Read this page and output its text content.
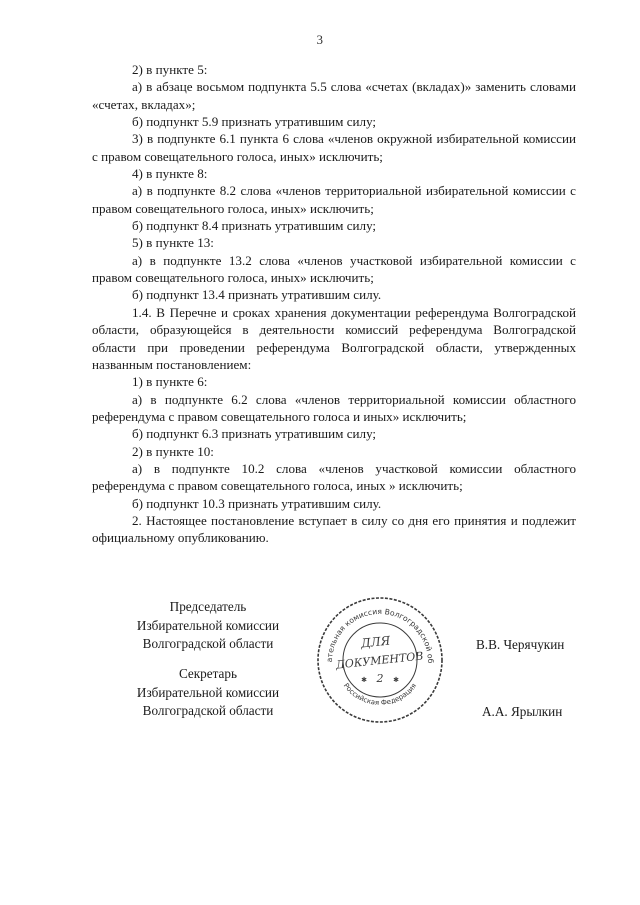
3

2) в пункте 5:

а) в абзаце восьмом подпункта 5.5 слова «счетах (вкладах)» заменить словами «счетах, вкладах»;

б) подпункт 5.9 признать утратившим силу;

3) в подпункте 6.1 пункта 6 слова «членов окружной избирательной комиссии с правом совещательного голоса, иных» исключить;

4) в пункте 8:

а) в подпункте 8.2 слова «членов территориальной избирательной комиссии с правом совещательного голоса, иных» исключить;

б) подпункт 8.4 признать утратившим силу;

5) в пункте 13:

а) в подпункте 13.2 слова «членов участковой избирательной комиссии с правом совещательного голоса, иных» исключить;

б) подпункт 13.4 признать утратившим силу.

1.4. В Перечне и сроках хранения документации референдума Волгоградской области, образующейся в деятельности комиссий референдума Волгоградской области при проведении референдума Волгоградской области, утвержденных названным постановлением:

1) в пункте 6:

а) в подпункте 6.2 слова «членов территориальной комиссии областного референдума с правом совещательного голоса и иных» исключить;

б) подпункт 6.3 признать утратившим силу;

2) в пункте 10:

а) в подпункте 10.2 слова «членов участковой комиссии областного референдума с правом совещательного голоса, иных » исключить;

б) подпункт 10.3 признать утратившим силу.

2. Настоящее постановление вступает в силу со дня его принятия и подлежит официальному опубликованию.

Председатель
Избирательной комиссии
Волгоградской области	В.В. Черячукин
Секретарь
Избирательной комиссии
Волгоградской области	А.А. Ярылкин
ательная комиссия Волгоградской об
Российская Федерация
ДЛЯ
ДОКУМЕНТОВ
2
✱	✱
